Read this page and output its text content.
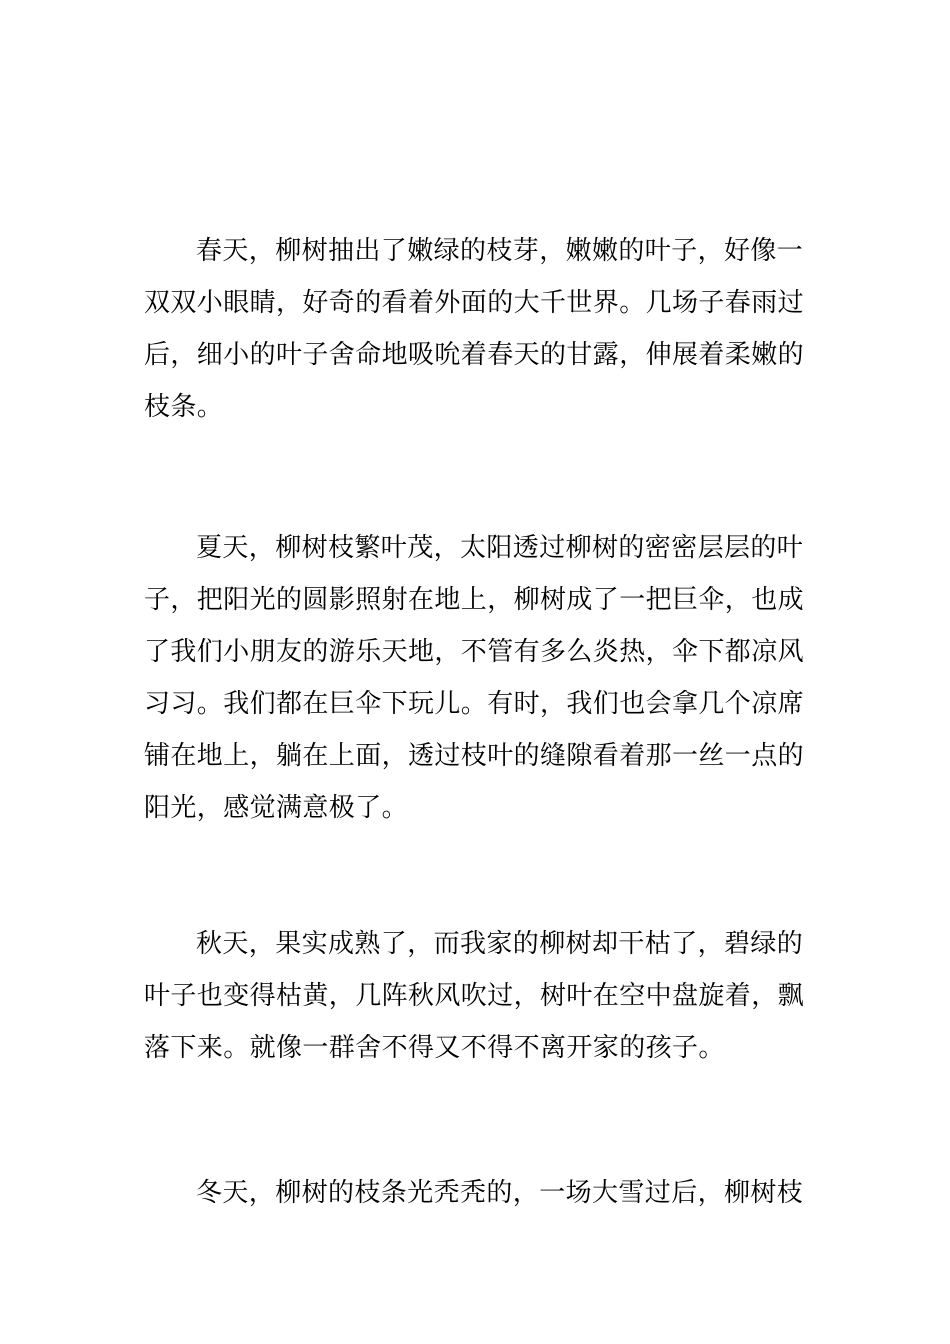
春天，柳树抽出了嫩绿的枝芽，嫩嫩的叶子，好像一双双小眼睛，好奇的看着外面的大千世界。几场子春雨过后，细小的叶子舍命地吸吮着春天的甘露，伸展着柔嫩的枝条。

夏天，柳树枝繁叶茂，太阳透过柳树的密密层层的叶子，把阳光的圆影照射在地上，柳树成了一把巨伞，也成了我们小朋友的游乐天地，不管有多么炎热，伞下都凉风习习。我们都在巨伞下玩儿。有时，我们也会拿几个凉席铺在地上，躺在上面，透过枝叶的缝隙看着那一丝一点的阳光，感觉满意极了。

秋天，果实成熟了，而我家的柳树却干枯了，碧绿的叶子也变得枯黄，几阵秋风吹过，树叶在空中盘旋着，飘落下来。就像一群舍不得又不得不离开家的孩子。

冬天，柳树的枝条光秃秃的，一场大雪过后，柳树枝
